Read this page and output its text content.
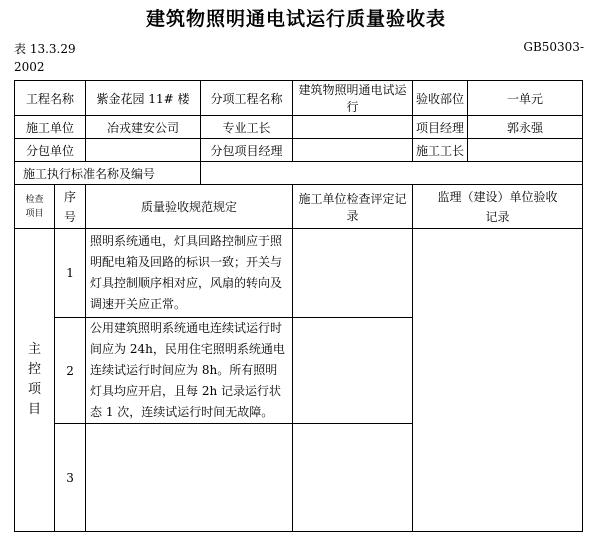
建筑物照明通电试运行质量验收表
表 13.3.29
2002
GB50303-
工程名称		紫金花园 11# 楼	分项工程名称	建筑物照明通电试运行	验收部位	一单元
施工单位		冶戎建安公司	专业工长		项目经理	郭永强
分包单位			分包项目经理		施工工长	
施工执行标准名称及编号						

检查项目	序号	质量验收规范规定		施工单位检查评定记录	监理（建设）单位验收记录	

主控项目	1	照明系统通电，灯具回路控制应于照明配电箱及回路的标识一致；开关与灯具控制顺序相对应，风扇的转向及调速开关应正常。				
	2	公用建筑照明系统通电连续试运行时间应为 24h，民用住宅照明系统通电连续试运行时间应为 8h。所有照明灯具均应开启，且每 2h 记录运行状态 1 次，连续试运行时间无故障。				
	3					
